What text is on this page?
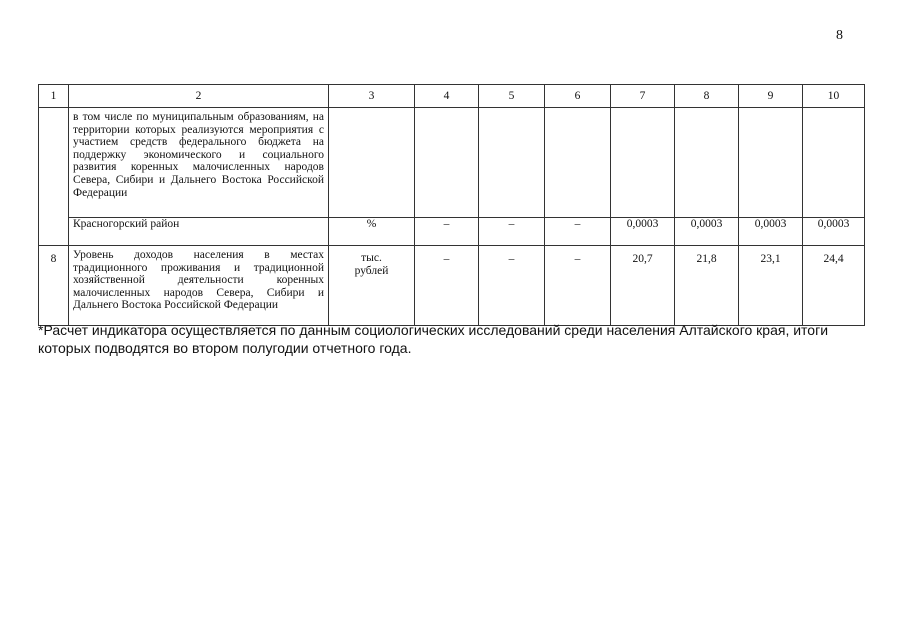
8
1	2	3	4	5	6	7	8	9	10

	в том числе по муниципальным образованиям, на территории которых реализуются мероприятия с участием средств федерального бюджета на поддержку экономического и социального развития коренных малочисленных народов Севера, Сибири и Дальнего Востока Российской Федерации								

	Красногорский район	%	–	–	–	0,0003	0,0003	0,0003	0,0003
8	Уровень доходов населения в местах традиционного проживания и традиционной хозяйственной деятельности коренных малочисленных народов Севера, Сибири и Дальнего Востока Российской Федерации	тыс.
рублей	–	–	–	20,7	21,8	23,1	24,4
*Расчет индикатора осуществляется по данным социологических исследований среди населения Алтайского края, итоги которых подводятся во втором полугодии отчетного года.
